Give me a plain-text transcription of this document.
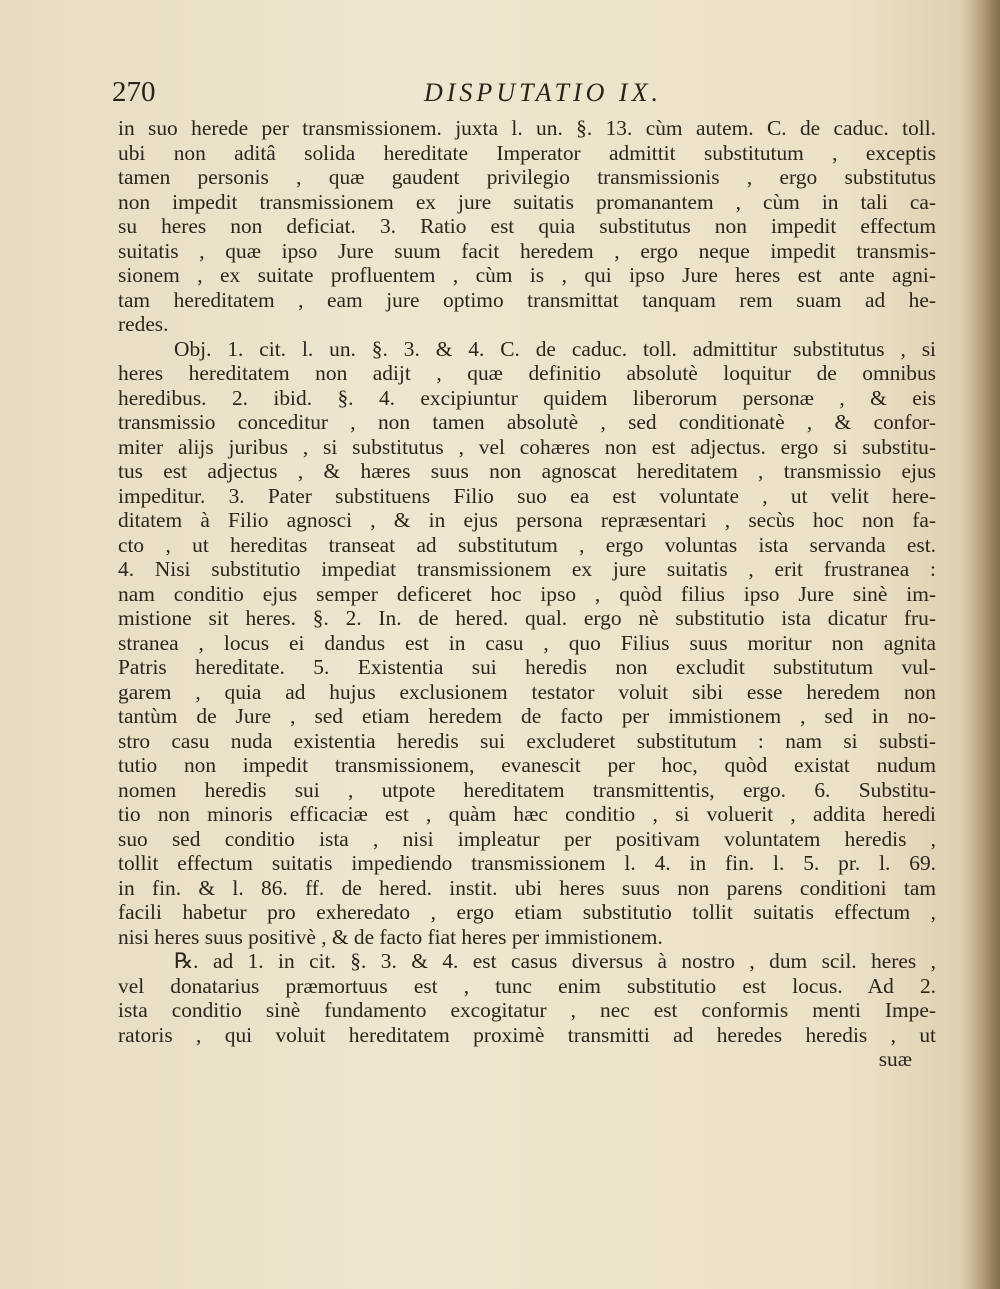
270	DISPUTATIO IX.
in suo herede per transmissionem. juxta l. un. §. 13. cùm autem. C. de caduc. toll.
ubi non aditâ solida hereditate Imperator admittit substitutum , exceptis
tamen personis , quæ gaudent privilegio transmissionis , ergo substitutus
non impedit transmissionem ex jure suitatis promanantem , cùm in tali ca-
su heres non deficiat. 3. Ratio est quia substitutus non impedit effectum
suitatis , quæ ipso Jure suum facit heredem , ergo neque impedit transmis-
sionem , ex suitate profluentem , cùm is , qui ipso Jure heres est ante agni-
tam hereditatem , eam jure optimo transmittat tanquam rem suam ad he-
redes.
Obj. 1. cit. l. un. §. 3. & 4. C. de caduc. toll. admittitur substitutus , si
heres hereditatem non adijt , quæ definitio absolutè loquitur de omnibus
heredibus. 2. ibid. §. 4. excipiuntur quidem liberorum personæ , & eis
transmissio conceditur , non tamen absolutè , sed conditionatè , & confor-
miter alijs juribus , si substitutus , vel cohæres non est adjectus. ergo si substitu-
tus est adjectus , & hæres suus non agnoscat hereditatem , transmissio ejus
impeditur. 3. Pater substituens Filio suo ea est voluntate , ut velit here-
ditatem à Filio agnosci , & in ejus persona repræsentari , secùs hoc non fa-
cto , ut hereditas transeat ad substitutum , ergo voluntas ista servanda est.
4. Nisi substitutio impediat transmissionem ex jure suitatis , erit frustranea :
nam conditio ejus semper deficeret hoc ipso , quòd filius ipso Jure sinè im-
mistione sit heres. §. 2. In. de hered. qual. ergo nè substitutio ista dicatur fru-
stranea , locus ei dandus est in casu , quo Filius suus moritur non agnita
Patris hereditate. 5. Existentia sui heredis non excludit substitutum vul-
garem , quia ad hujus exclusionem testator voluit sibi esse heredem non
tantùm de Jure , sed etiam heredem de facto per immistionem , sed in no-
stro casu nuda existentia heredis sui excluderet substitutum : nam si substi-
tutio non impedit transmissionem, evanescit per hoc, quòd existat nudum
nomen heredis sui , utpote hereditatem transmittentis, ergo. 6. Substitu-
tio non minoris efficaciæ est , quàm hæc conditio , si voluerit , addita heredi
suo sed conditio ista , nisi impleatur per positivam voluntatem heredis ,
tollit effectum suitatis impediendo transmissionem l. 4. in fin. l. 5. pr. l. 69.
in fin. & l. 86. ff. de hered. instit. ubi heres suus non parens conditioni tam
facili habetur pro exheredato , ergo etiam substitutio tollit suitatis effectum ,
nisi heres suus positivè , & de facto fiat heres per immistionem.
℞. ad 1. in cit. §. 3. & 4. est casus diversus à nostro , dum scil. heres ,
vel donatarius præmortuus est , tunc enim substitutio est locus. Ad 2.
ista conditio sinè fundamento excogitatur , nec est conformis menti Impe-
ratoris , qui voluit hereditatem proximè transmitti ad heredes heredis , ut
suæ
